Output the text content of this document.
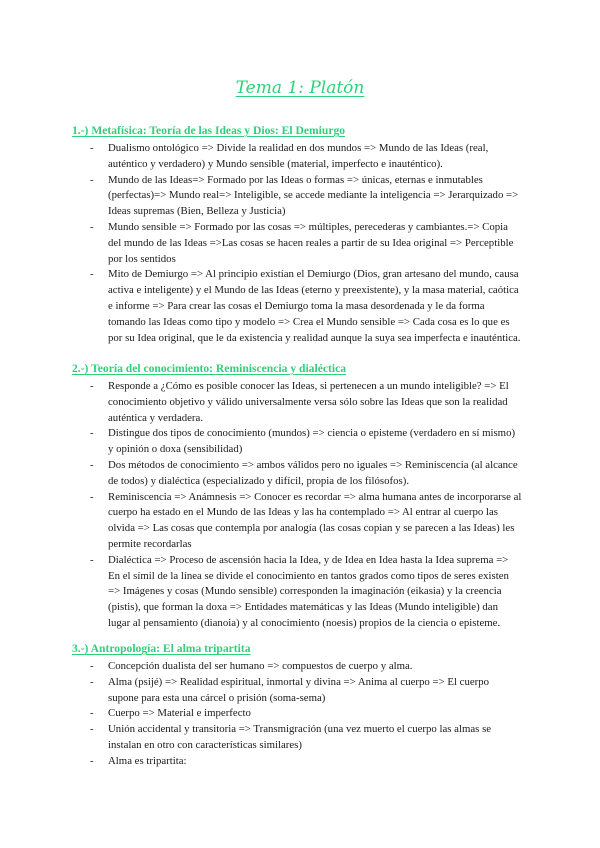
Tema 1: Platón
1.-) Metafísica: Teoría de las Ideas y Dios: El Demiurgo
- Dualismo ontológico => Divide la realidad en dos mundos => Mundo de las Ideas (real, auténtico y verdadero) y Mundo sensible (material, imperfecto e inauténtico).
- Mundo de las Ideas=> Formado por las Ideas o formas => únicas, eternas e inmutables (perfectas)=> Mundo real=> Inteligible, se accede mediante la inteligencia => Jerarquizado => Ideas supremas (Bien, Belleza y Justicia)
- Mundo sensible => Formado por las cosas => múltiples, perecederas y cambiantes.=> Copia del mundo de las Ideas =>Las cosas se hacen reales a partir de su Idea original => Perceptible por los sentidos
- Mito de Demiurgo => Al principio existían el Demiurgo (Dios, gran artesano del mundo, causa activa e inteligente) y el Mundo de las Ideas (eterno y preexistente), y la masa material, caótica e informe => Para crear las cosas el Demiurgo toma la masa desordenada y le da forma tomando las Ideas como tipo y modelo => Crea el Mundo sensible => Cada cosa es lo que es por su Idea original, que le da existencia y realidad aunque la suya sea imperfecta e inauténtica.
2.-) Teoría del conocimiento: Reminiscencia y dialéctica
- Responde a ¿Cómo es posible conocer las Ideas, si pertenecen a un mundo inteligible? => El conocimiento objetivo y válido universalmente versa sólo sobre las Ideas que son la realidad auténtica y verdadera.
- Distingue dos tipos de conocimiento (mundos) => ciencia o episteme (verdadero en sí mismo) y opinión o doxa (sensibilidad)
- Dos métodos de conocimiento => ambos válidos pero no iguales => Reminiscencia (al alcance de todos) y dialéctica (especializado y difícil, propia de los filósofos).
- Reminiscencia => Anámnesis => Conocer es recordar => alma humana antes de incorporarse al cuerpo ha estado en el Mundo de las Ideas y las ha contemplado => Al entrar al cuerpo las olvida => Las cosas que contempla por analogía (las cosas copian y se parecen a las Ideas) les permite recordarlas
- Dialéctica => Proceso de ascensión hacia la Idea, y de Idea en Idea hasta la Idea suprema => En el símil de la línea se divide el conocimiento en tantos grados como tipos de seres existen => Imágenes y cosas (Mundo sensible) corresponden la imaginación (eikasia) y la creencia (pistis), que forman la doxa => Entidades matemáticas y las Ideas (Mundo inteligible) dan lugar al pensamiento (dianoia) y al conocimiento (noesis) propios de la ciencia o episteme.
3.-) Antropología: El alma tripartita
- Concepción dualista del ser humano => compuestos de cuerpo y alma.
- Alma (psijé) => Realidad espiritual, inmortal y divina => Anima al cuerpo => El cuerpo supone para esta una cárcel o prisión (soma-sema)
- Cuerpo => Material e imperfecto
- Unión accidental y transitoria => Transmigración (una vez muerto el cuerpo las almas se instalan en otro con características similares)
- Alma es tripartita:
